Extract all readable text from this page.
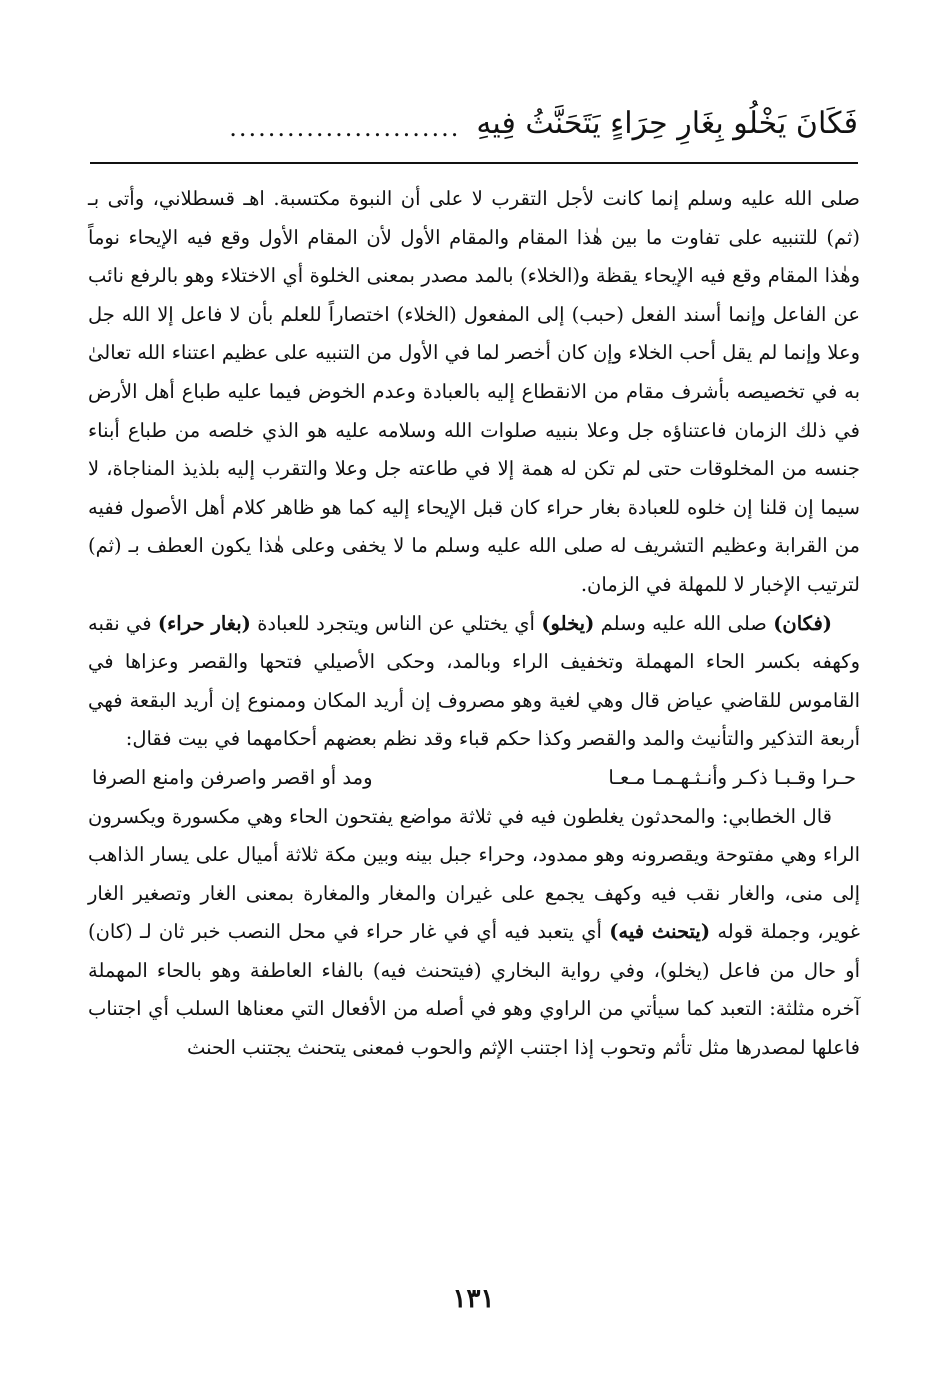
فَكَانَ يَخْلُو بِغَارِ حِرَاءٍ يَتَحَنَّثُ فِيهِ
........................

صلى الله عليه وسلم إنما كانت لأجل التقرب لا على أن النبوة مكتسبة. اهـ قسطلاني، وأتى بـ (ثم) للتنبيه على تفاوت ما بين هٰذا المقام والمقام الأول لأن المقام الأول وقع فيه الإيحاء نوماً وهٰذا المقام وقع فيه الإيحاء يقظة و(الخلاء) بالمد مصدر بمعنى الخلوة أي الاختلاء وهو بالرفع نائب عن الفاعل وإنما أسند الفعل (حبب) إلى المفعول (الخلاء) اختصاراً للعلم بأن لا فاعل إلا الله جل وعلا وإنما لم يقل أحب الخلاء وإن كان أخصر لما في الأول من التنبيه على عظيم اعتناء الله تعالىٰ به في تخصيصه بأشرف مقام من الانقطاع إليه بالعبادة وعدم الخوض فيما عليه طباع أهل الأرض في ذلك الزمان فاعتناؤه جل وعلا بنبيه صلوات الله وسلامه عليه هو الذي خلصه من طباع أبناء جنسه من المخلوقات حتى لم تكن له همة إلا في طاعته جل وعلا والتقرب إليه بلذيذ المناجاة، لا سيما إن قلنا إن خلوه للعبادة بغار حراء كان قبل الإيحاء إليه كما هو ظاهر كلام أهل الأصول ففيه من القرابة وعظيم التشريف له صلى الله عليه وسلم ما لا يخفى وعلى هٰذا يكون العطف بـ (ثم) لترتيب الإخبار لا للمهلة في الزمان.

(فكان) صلى الله عليه وسلم (يخلو) أي يختلي عن الناس ويتجرد للعبادة (بغار حراء) في نقبه وكهفه بكسر الحاء المهملة وتخفيف الراء وبالمد، وحكى الأصيلي فتحها والقصر وعزاها في القاموس للقاضي عياض قال وهي لغية وهو مصروف إن أريد المكان وممنوع إن أريد البقعة فهي أربعة التذكير والتأنيث والمد والقصر وكذا حكم قباء وقد نظم بعضهم أحكامهما في بيت فقال:

حـرا وقـبـا ذكـر وأنـثـهـمـا مـعـا
ومد أو اقصر واصرفن وامنع الصرفا

قال الخطابي: والمحدثون يغلطون فيه في ثلاثة مواضع يفتحون الحاء وهي مكسورة ويكسرون الراء وهي مفتوحة ويقصرونه وهو ممدود، وحراء جبل بينه وبين مكة ثلاثة أميال على يسار الذاهب إلى منى، والغار نقب فيه وكهف يجمع على غيران والمغار والمغارة بمعنى الغار وتصغير الغار غوير، وجملة قوله (يتحنث فيه) أي يتعبد فيه أي في غار حراء في محل النصب خبر ثان لـ (كان) أو حال من فاعل (يخلو)، وفي رواية البخاري (فيتحنث فيه) بالفاء العاطفة وهو بالحاء المهملة آخره مثلثة: التعبد كما سيأتي من الراوي وهو في أصله من الأفعال التي معناها السلب أي اجتناب فاعلها لمصدرها مثل تأثم وتحوب إذا اجتنب الإثم والحوب فمعنى يتحنث يجتنب الحنث

١٣١
